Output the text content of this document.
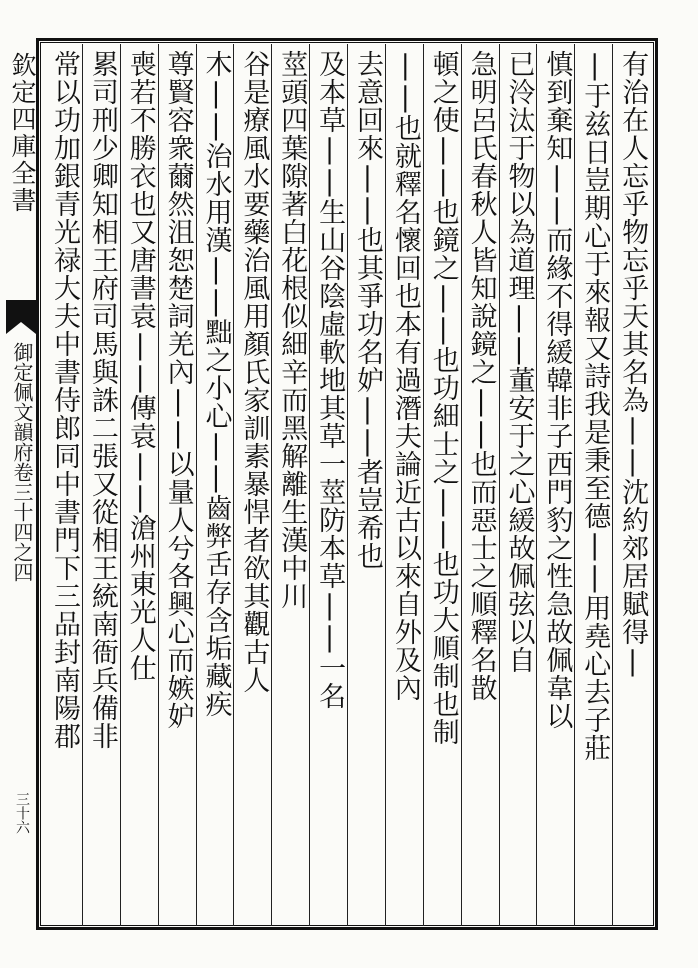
欽定四庫全書
御定佩文韻府卷三十四之四
三十六
有治在人忘乎物忘乎天其名為||沈約郊居賦得|
|于兹日豈期心于來報又詩我是秉至德||用堯心去子莊
慎到棄知||而緣不得緩韓非子西門豹之性急故佩韋以
已泠汰于物以為道理||董安于之心緩故佩弦以自
急明呂氏春秋人皆知說鏡之||也而惡士之順釋名㪚
頓之使||也鏡之||也功細士之||也功大順制也制
||也就釋名懷回也本有過潛夫論近古以來自外及內
去意回來||也其爭功名妒||者豈希也
及本草||生山谷陰虛軟地其草一莖防本草||一名
莖頭四葉隙著白花根似細辛而黑解離生漢中川
谷是療風水要藥治風用顏氏家訓素暴悍者欲其觀古人
木||治水用漢||黜之小心||齒弊舌存含垢藏疾
尊賢容衆薾然沮恕楚詞羌內||以量人兮各興心而嫉妒
喪若不勝衣也又唐書袁||傳袁||滄州東光人仕
累司刑少卿知相王府司馬與誅二張又從相王統南衙兵備非
常以功加銀青光禄大夫中書侍郎同中書門下三品封南陽郡
